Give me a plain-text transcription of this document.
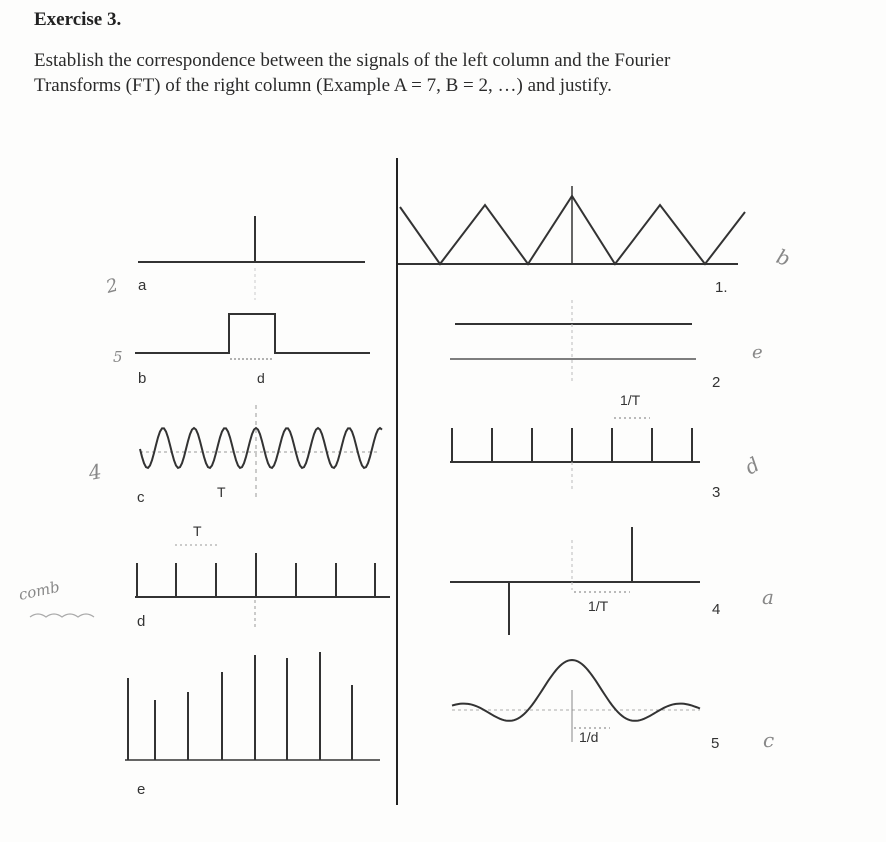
Exercise 3.
Establish the correspondence between the signals of the left column and the Fourier
Transforms (FT) of the right column (Example A = 7, B = 2, …) and justify.
a
b	d
c	T
T
d
e
1.
2
1/T
3
1/T	4
1/d	5
2
5
4
comb
b
e
d
a
c
